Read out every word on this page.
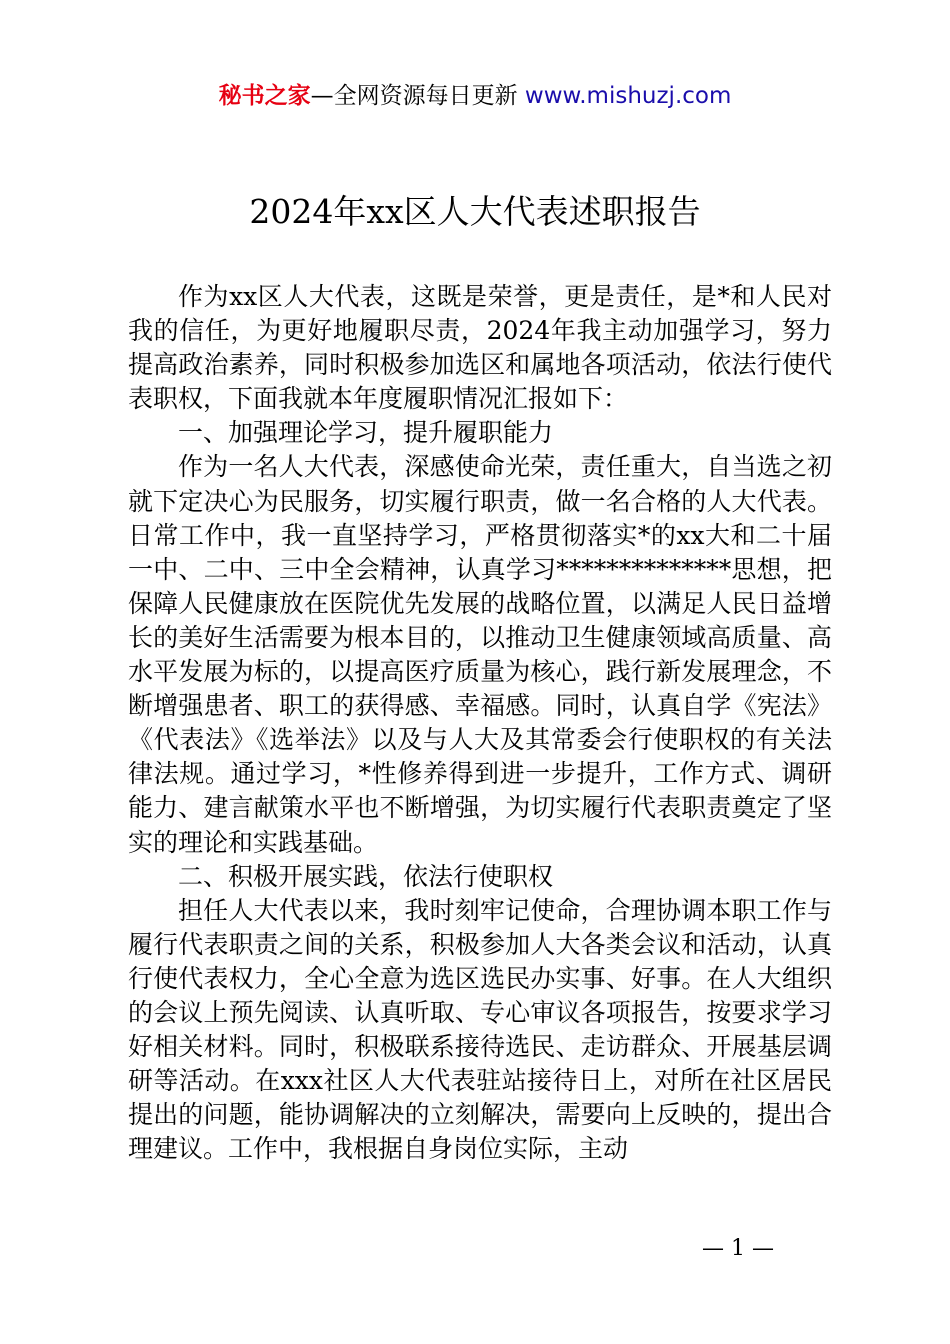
秘书之家—全网资源每日更新 www.mishuzj.com
2024年xx区人大代表述职报告

作为xx区人大代表，这既是荣誉，更是责任，是*和人民对我的信任，为更好地履职尽责，2024年我主动加强学习，努力提高政治素养，同时积极参加选区和属地各项活动，依法行使代表职权，下面我就本年度履职情况汇报如下：

一、加强理论学习，提升履职能力

作为一名人大代表，深感使命光荣，责任重大，自当选之初就下定决心为民服务，切实履行职责，做一名合格的人大代表。日常工作中，我一直坚持学习，严格贯彻落实*的xx大和二十届一中、二中、三中全会精神，认真学习**************思想，把保障人民健康放在医院优先发展的战略位置，以满足人民日益增长的美好生活需要为根本目的，以推动卫生健康领域高质量、高水平发展为标的，以提高医疗质量为核心，践行新发展理念，不断增强患者、职工的获得感、幸福感。同时，认真自学《宪法》《代表法》《选举法》以及与人大及其常委会行使职权的有关法律法规。通过学习，*性修养得到进一步提升，工作方式、调研能力、建言献策水平也不断增强，为切实履行代表职责奠定了坚实的理论和实践基础。

二、积极开展实践，依法行使职权

担任人大代表以来，我时刻牢记使命，合理协调本职工作与履行代表职责之间的关系，积极参加人大各类会议和活动，认真行使代表权力，全心全意为选区选民办实事、好事。在人大组织的会议上预先阅读、认真听取、专心审议各项报告，按要求学习好相关材料。同时，积极联系接待选民、走访群众、开展基层调研等活动。在xxx社区人大代表驻站接待日上，对所在社区居民提出的问题，能协调解决的立刻解决，需要向上反映的，提出合理建议。工作中，我根据自身岗位实际，主动

— 1 —
